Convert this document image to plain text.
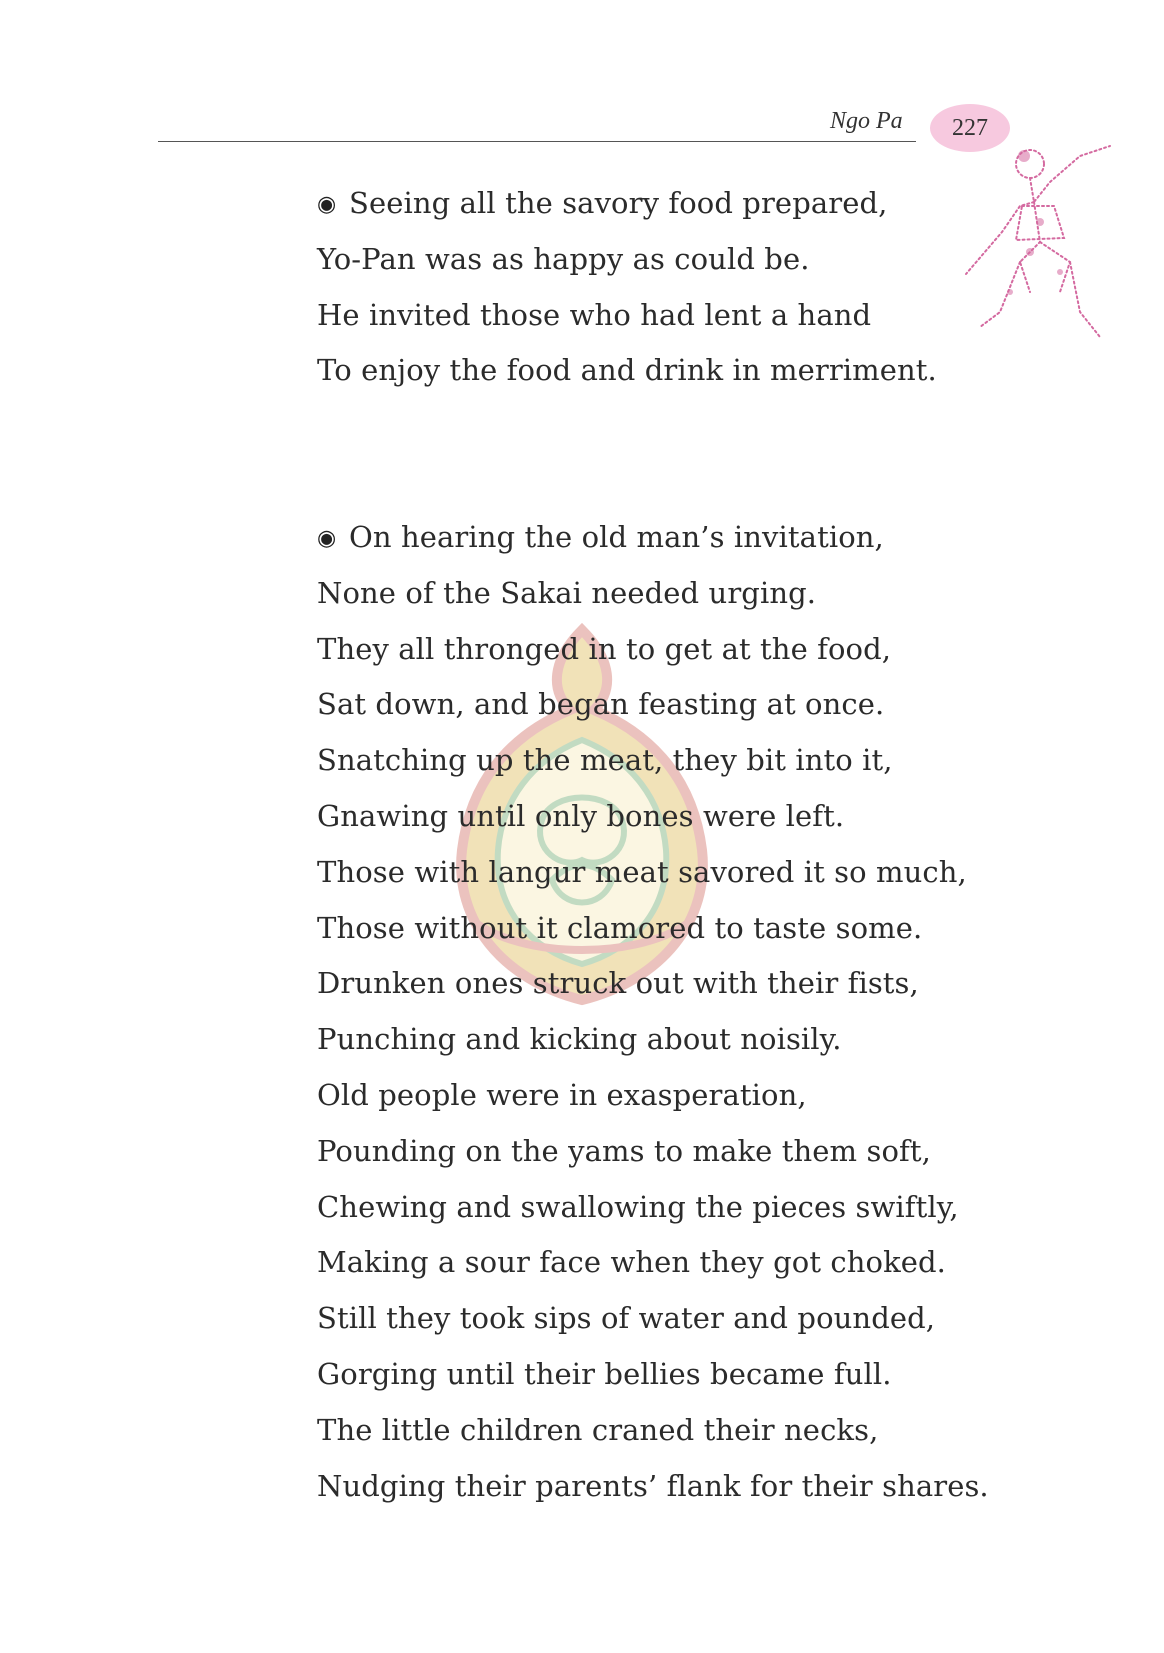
Ngo Pa 227
◉ Seeing all the savory food prepared,
Yo-Pan was as happy as could be.
He invited those who had lent a hand
To enjoy the food and drink in merriment.
◉ On hearing the old man’s invitation,
None of the Sakai needed urging.
They all thronged in to get at the food,
Sat down, and began feasting at once.
Snatching up the meat, they bit into it,
Gnawing until only bones were left.
Those with langur meat savored it so much,
Those without it clamored to taste some.
Drunken ones struck out with their fists,
Punching and kicking about noisily.
Old people were in exasperation,
Pounding on the yams to make them soft,
Chewing and swallowing the pieces swiftly,
Making a sour face when they got choked.
Still they took sips of water and pounded,
Gorging until their bellies became full.
The little children craned their necks,
Nudging their parents’ flank for their shares.
